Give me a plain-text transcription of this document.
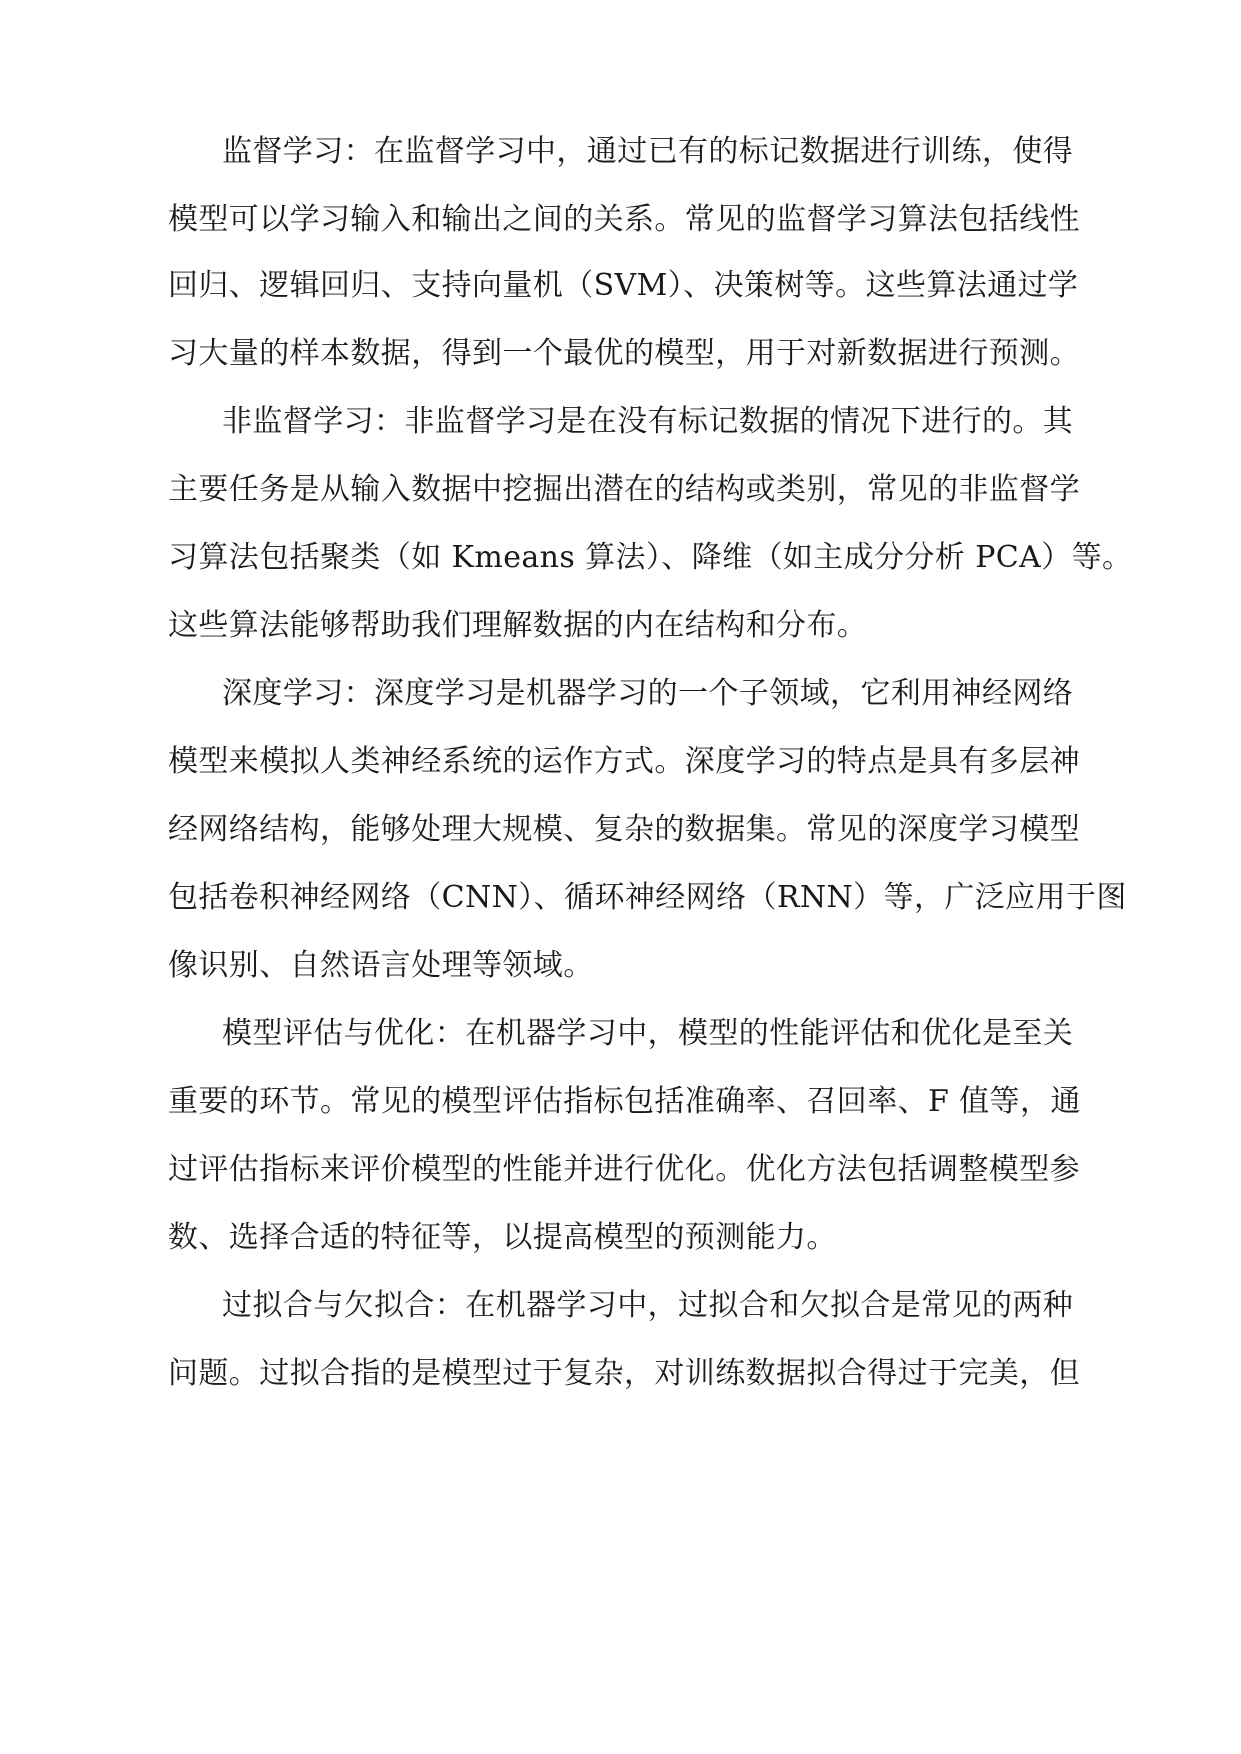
监督学习：在监督学习中，通过已有的标记数据进行训练，使得
模型可以学习输入和输出之间的关系。常见的监督学习算法包括线性
回归、逻辑回归、支持向量机（SVM）、决策树等。这些算法通过学
习大量的样本数据，得到一个最优的模型，用于对新数据进行预测。
非监督学习：非监督学习是在没有标记数据的情况下进行的。其
主要任务是从输入数据中挖掘出潜在的结构或类别，常见的非监督学
习算法包括聚类（如 Kmeans 算法）、降维（如主成分分析 PCA）等。
这些算法能够帮助我们理解数据的内在结构和分布。
深度学习：深度学习是机器学习的一个子领域，它利用神经网络
模型来模拟人类神经系统的运作方式。深度学习的特点是具有多层神
经网络结构，能够处理大规模、复杂的数据集。常见的深度学习模型
包括卷积神经网络（CNN）、循环神经网络（RNN）等，广泛应用于图
像识别、自然语言处理等领域。
模型评估与优化：在机器学习中，模型的性能评估和优化是至关
重要的环节。常见的模型评估指标包括准确率、召回率、F 值等，通
过评估指标来评价模型的性能并进行优化。优化方法包括调整模型参
数、选择合适的特征等，以提高模型的预测能力。
过拟合与欠拟合：在机器学习中，过拟合和欠拟合是常见的两种
问题。过拟合指的是模型过于复杂，对训练数据拟合得过于完美，但
